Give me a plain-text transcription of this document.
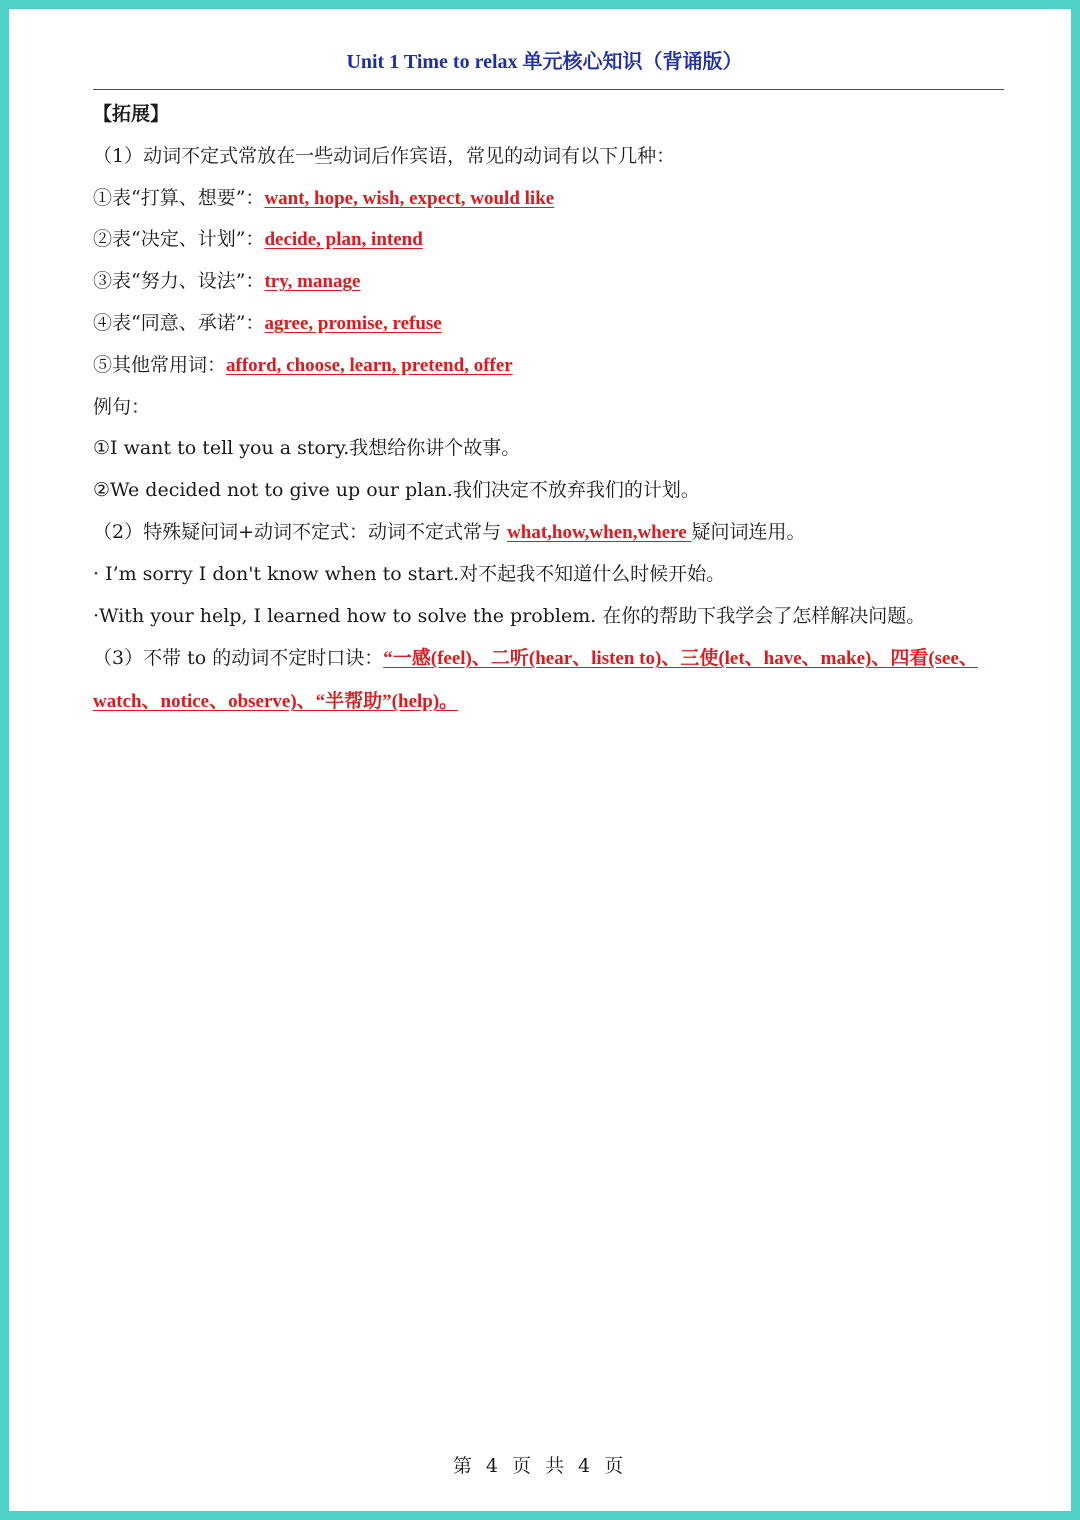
Unit 1 Time to relax 单元核心知识（背诵版）
【拓展】
（1）动词不定式常放在一些动词后作宾语，常见的动词有以下几种：
①表“打算、想要”：want, hope, wish, expect, would like
②表“决定、计划”：decide, plan, intend
③表“努力、设法”：try, manage
④表“同意、承诺”：agree, promise, refuse
⑤其他常用词：afford, choose, learn, pretend, offer
例句：
①I want to tell you a story.我想给你讲个故事。
②We decided not to give up our plan.我们决定不放弃我们的计划。
（2）特殊疑问词+动词不定式：动词不定式常与 what,how,when,where 疑问词连用。
· I’m sorry I don't know when to start.对不起我不知道什么时候开始。
·With your help, I learned how to solve the problem. 在你的帮助下我学会了怎样解决问题。
（3）不带 to 的动词不定时口诀：“一感(feel)、二听(hear、listen to)、三使(let、have、make)、四看(see、watch、notice、observe)、“半帮助”(help)。
第 4 页 共 4 页
